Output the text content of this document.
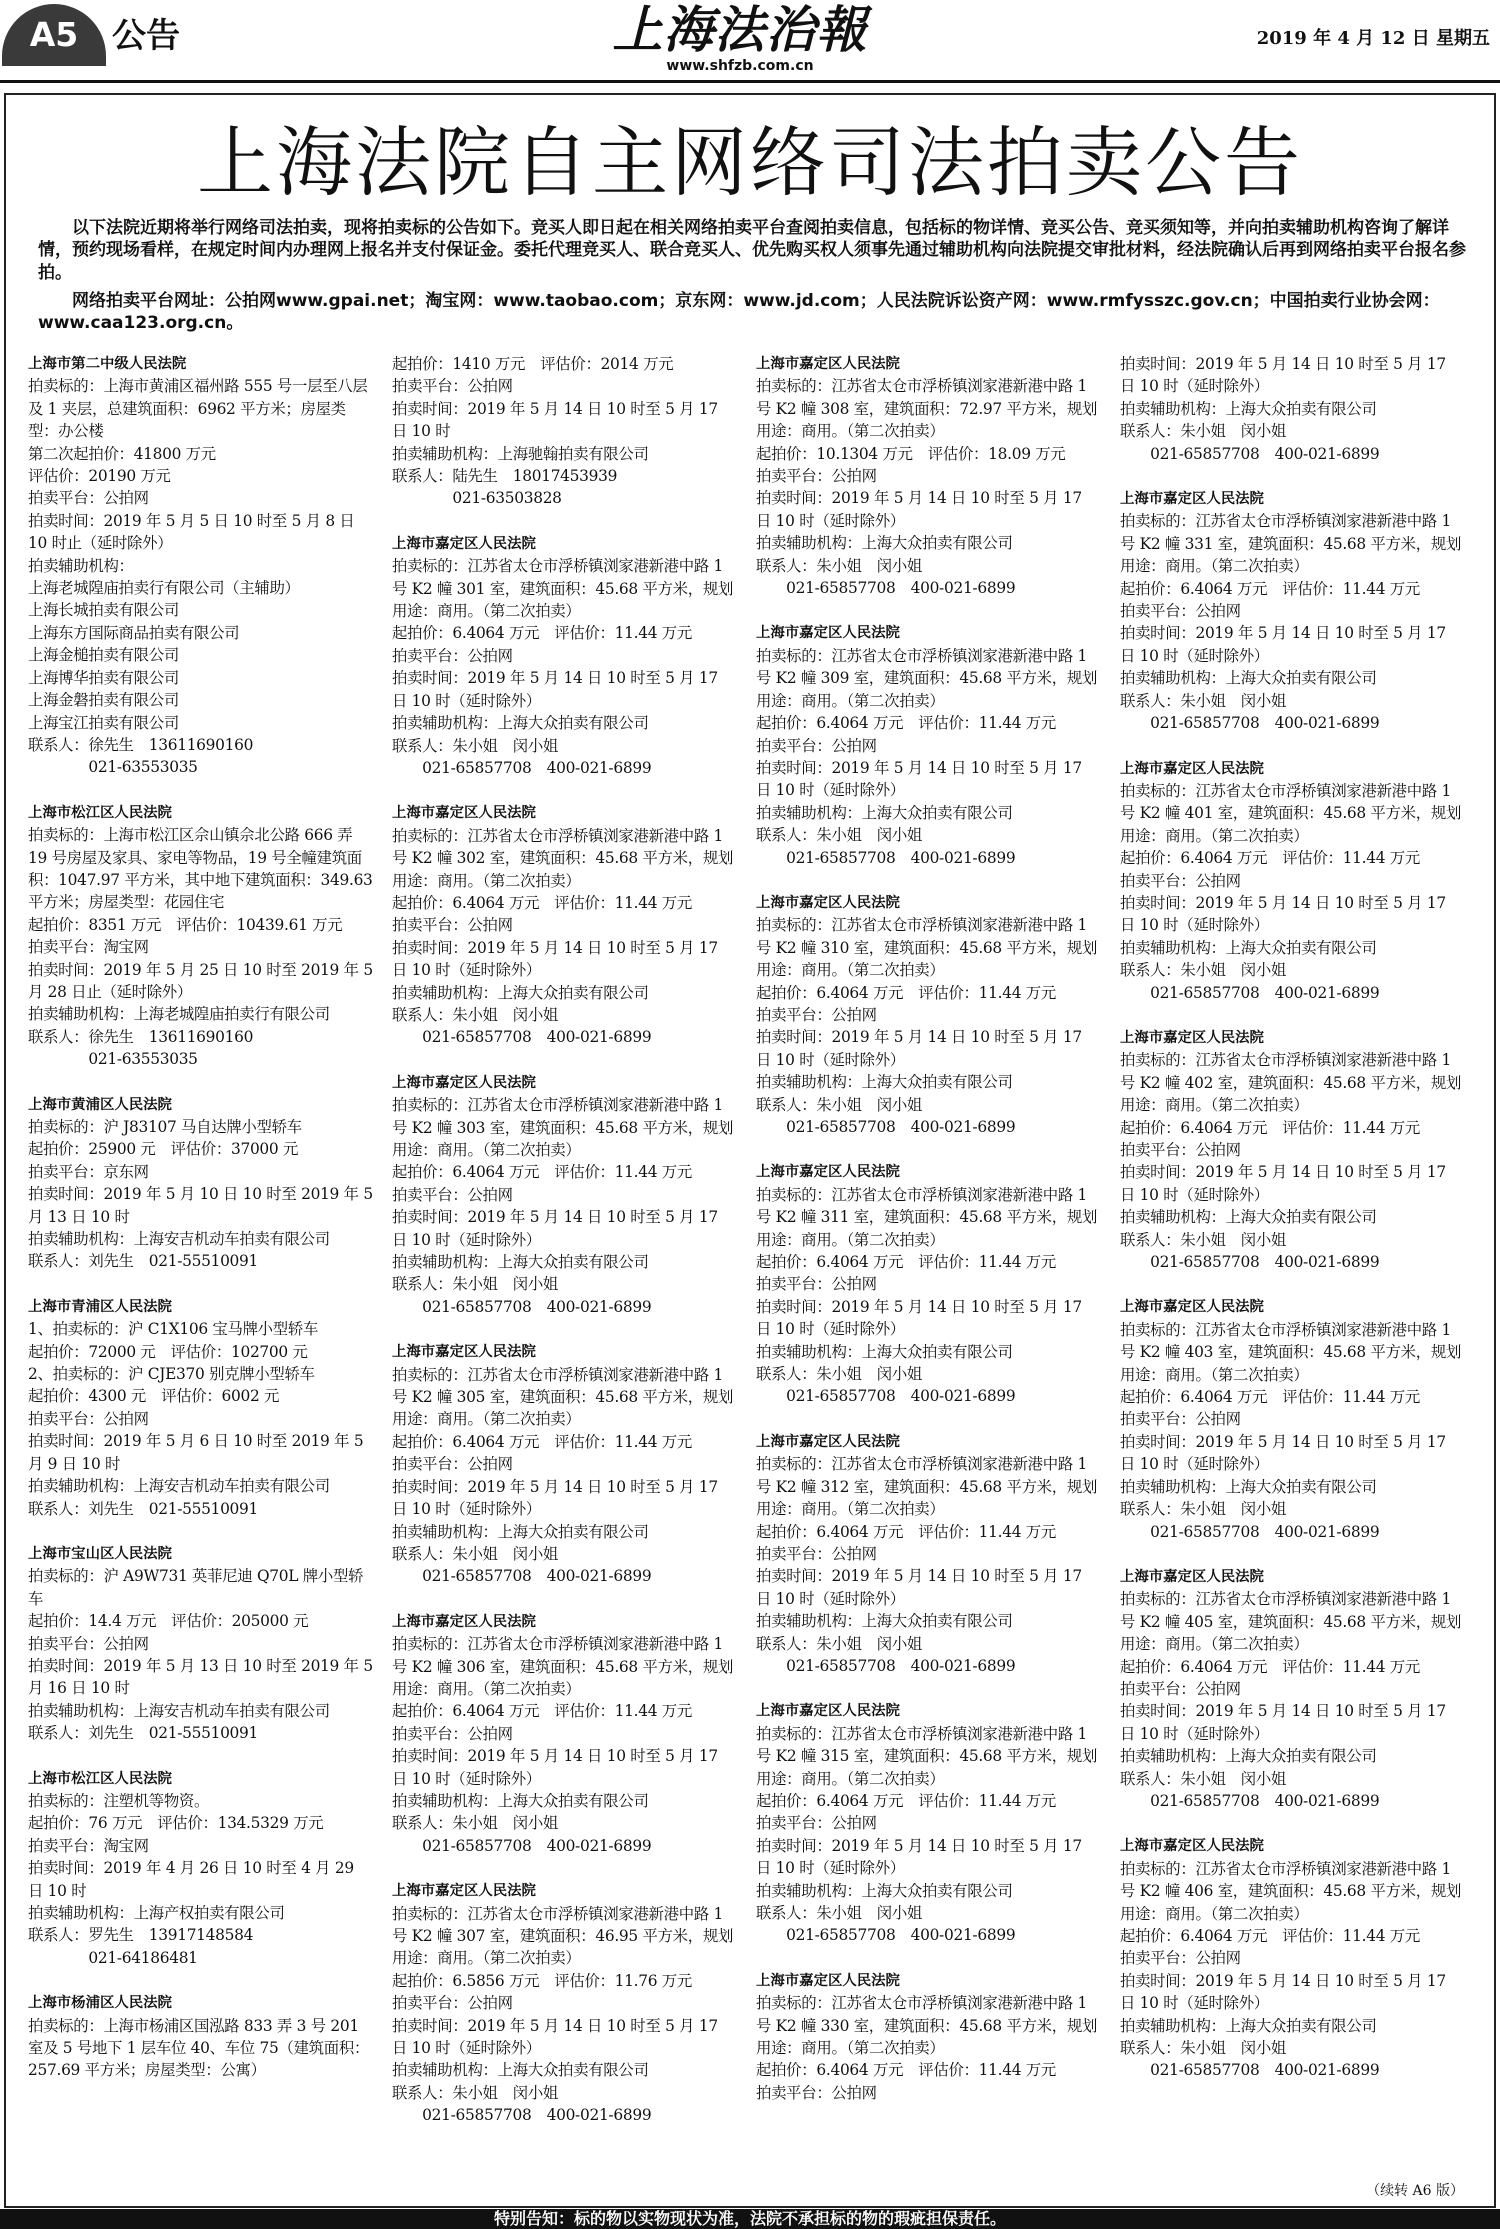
A5 公告	上海法治報
www.shfzb.com.cn
2019 年 4 月 12 日 星期五
上海法院自主网络司法拍卖公告

以下法院近期将举行网络司法拍卖，现将拍卖标的公告如下。竞买人即日起在相关网络拍卖平台查阅拍卖信息，包括标的物详情、竞买公告、竞买须知等，并向拍卖辅助机构咨询了解详情，预约现场看样，在规定时间内办理网上报名并支付保证金。委托代理竞买人、联合竞买人、优先购买权人须事先通过辅助机构向法院提交审批材料，经法院确认后再到网络拍卖平台报名参拍。

网络拍卖平台网址：公拍网www.gpai.net；淘宝网：www.taobao.com；京东网：www.jd.com；人民法院诉讼资产网：www.rmfysszc.gov.cn；中国拍卖行业协会网：www.caa123.org.cn。

上海市第二中级人民法院
拍卖标的：上海市黄浦区福州路 555 号一层至八层及 1 夹层，总建筑面积：6962 平方米；房屋类型：办公楼
第二次起拍价：41800 万元
评估价：20190 万元
拍卖平台：公拍网
拍卖时间：2019 年 5 月 5 日 10 时至 5 月 8 日 10 时止（延时除外）
拍卖辅助机构：
上海老城隍庙拍卖行有限公司（主辅助）
上海长城拍卖有限公司
上海东方国际商品拍卖有限公司
上海金槌拍卖有限公司
上海博华拍卖有限公司
上海金磐拍卖有限公司
上海宝江拍卖有限公司
联系人：徐先生　13611690160
　　　　021-63553035
上海市松江区人民法院
拍卖标的：上海市松江区佘山镇佘北公路 666 弄 19 号房屋及家具、家电等物品，19 号全幢建筑面积：1047.97 平方米，其中地下建筑面积：349.63 平方米；房屋类型：花园住宅
起拍价：8351 万元　评估价：10439.61 万元
拍卖平台：淘宝网
拍卖时间：2019 年 5 月 25 日 10 时至 2019 年 5 月 28 日止（延时除外）
拍卖辅助机构：上海老城隍庙拍卖行有限公司
联系人：徐先生　13611690160
　　　　021-63553035
上海市黄浦区人民法院
拍卖标的：沪 J83107 马自达牌小型轿车
起拍价：25900 元　评估价：37000 元
拍卖平台：京东网
拍卖时间：2019 年 5 月 10 日 10 时至 2019 年 5 月 13 日 10 时
拍卖辅助机构：上海安吉机动车拍卖有限公司
联系人：刘先生　021-55510091
上海市青浦区人民法院
1、拍卖标的：沪 C1X106 宝马牌小型轿车
起拍价：72000 元　评估价：102700 元
2、拍卖标的：沪 CJE370 别克牌小型轿车
起拍价：4300 元　评估价：6002 元
拍卖平台：公拍网
拍卖时间：2019 年 5 月 6 日 10 时至 2019 年 5 月 9 日 10 时
拍卖辅助机构：上海安吉机动车拍卖有限公司
联系人：刘先生　021-55510091
上海市宝山区人民法院
拍卖标的：沪 A9W731 英菲尼迪 Q70L 牌小型轿车
起拍价：14.4 万元　评估价：205000 元
拍卖平台：公拍网
拍卖时间：2019 年 5 月 13 日 10 时至 2019 年 5 月 16 日 10 时
拍卖辅助机构：上海安吉机动车拍卖有限公司
联系人：刘先生　021-55510091
上海市松江区人民法院
拍卖标的：注塑机等物资。
起拍价：76 万元　评估价：134.5329 万元
拍卖平台：淘宝网
拍卖时间：2019 年 4 月 26 日 10 时至 4 月 29 日 10 时
拍卖辅助机构：上海产权拍卖有限公司
联系人：罗先生　13917148584
　　　　021-64186481
上海市杨浦区人民法院
拍卖标的：上海市杨浦区国泓路 833 弄 3 号 201 室及 5 号地下 1 层车位 40、车位 75（建筑面积：257.69 平方米；房屋类型：公寓）
起拍价：1410 万元　评估价：2014 万元
拍卖平台：公拍网
拍卖时间：2019 年 5 月 14 日 10 时至 5 月 17 日 10 时
拍卖辅助机构：上海驰翰拍卖有限公司
联系人：陆先生　18017453939
　　　　021-63503828
上海市嘉定区人民法院
拍卖标的：江苏省太仓市浮桥镇浏家港新港中路 1 号 K2 幢 301 室，建筑面积：45.68 平方米，规划用途：商用。（第二次拍卖）
起拍价：6.4064 万元　评估价：11.44 万元
拍卖平台：公拍网
拍卖时间：2019 年 5 月 14 日 10 时至 5 月 17 日 10 时（延时除外）
拍卖辅助机构：上海大众拍卖有限公司
联系人：朱小姐　闵小姐
　　021-65857708　400-021-6899
上海市嘉定区人民法院
拍卖标的：江苏省太仓市浮桥镇浏家港新港中路 1 号 K2 幢 302 室，建筑面积：45.68 平方米，规划用途：商用。（第二次拍卖）
起拍价：6.4064 万元　评估价：11.44 万元
拍卖平台：公拍网
拍卖时间：2019 年 5 月 14 日 10 时至 5 月 17 日 10 时（延时除外）
拍卖辅助机构：上海大众拍卖有限公司
联系人：朱小姐　闵小姐
　　021-65857708　400-021-6899
上海市嘉定区人民法院
拍卖标的：江苏省太仓市浮桥镇浏家港新港中路 1 号 K2 幢 303 室，建筑面积：45.68 平方米，规划用途：商用。（第二次拍卖）
起拍价：6.4064 万元　评估价：11.44 万元
拍卖平台：公拍网
拍卖时间：2019 年 5 月 14 日 10 时至 5 月 17 日 10 时（延时除外）
拍卖辅助机构：上海大众拍卖有限公司
联系人：朱小姐　闵小姐
　　021-65857708　400-021-6899
上海市嘉定区人民法院
拍卖标的：江苏省太仓市浮桥镇浏家港新港中路 1 号 K2 幢 305 室，建筑面积：45.68 平方米，规划用途：商用。（第二次拍卖）
起拍价：6.4064 万元　评估价：11.44 万元
拍卖平台：公拍网
拍卖时间：2019 年 5 月 14 日 10 时至 5 月 17 日 10 时（延时除外）
拍卖辅助机构：上海大众拍卖有限公司
联系人：朱小姐　闵小姐
　　021-65857708　400-021-6899
上海市嘉定区人民法院
拍卖标的：江苏省太仓市浮桥镇浏家港新港中路 1 号 K2 幢 306 室，建筑面积：45.68 平方米，规划用途：商用。（第二次拍卖）
起拍价：6.4064 万元　评估价：11.44 万元
拍卖平台：公拍网
拍卖时间：2019 年 5 月 14 日 10 时至 5 月 17 日 10 时（延时除外）
拍卖辅助机构：上海大众拍卖有限公司
联系人：朱小姐　闵小姐
　　021-65857708　400-021-6899
上海市嘉定区人民法院
拍卖标的：江苏省太仓市浮桥镇浏家港新港中路 1 号 K2 幢 307 室，建筑面积：46.95 平方米，规划用途：商用。（第二次拍卖）
起拍价：6.5856 万元　评估价：11.76 万元
拍卖平台：公拍网
拍卖时间：2019 年 5 月 14 日 10 时至 5 月 17 日 10 时（延时除外）
拍卖辅助机构：上海大众拍卖有限公司
联系人：朱小姐　闵小姐
　　021-65857708　400-021-6899
上海市嘉定区人民法院
拍卖标的：江苏省太仓市浮桥镇浏家港新港中路 1 号 K2 幢 308 室，建筑面积：72.97 平方米，规划用途：商用。（第二次拍卖）
起拍价：10.1304 万元　评估价：18.09 万元
拍卖平台：公拍网
拍卖时间：2019 年 5 月 14 日 10 时至 5 月 17 日 10 时（延时除外）
拍卖辅助机构：上海大众拍卖有限公司
联系人：朱小姐　闵小姐
　　021-65857708　400-021-6899
上海市嘉定区人民法院
拍卖标的：江苏省太仓市浮桥镇浏家港新港中路 1 号 K2 幢 309 室，建筑面积：45.68 平方米，规划用途：商用。（第二次拍卖）
起拍价：6.4064 万元　评估价：11.44 万元
拍卖平台：公拍网
拍卖时间：2019 年 5 月 14 日 10 时至 5 月 17 日 10 时（延时除外）
拍卖辅助机构：上海大众拍卖有限公司
联系人：朱小姐　闵小姐
　　021-65857708　400-021-6899
上海市嘉定区人民法院
拍卖标的：江苏省太仓市浮桥镇浏家港新港中路 1 号 K2 幢 310 室，建筑面积：45.68 平方米，规划用途：商用。（第二次拍卖）
起拍价：6.4064 万元　评估价：11.44 万元
拍卖平台：公拍网
拍卖时间：2019 年 5 月 14 日 10 时至 5 月 17 日 10 时（延时除外）
拍卖辅助机构：上海大众拍卖有限公司
联系人：朱小姐　闵小姐
　　021-65857708　400-021-6899
上海市嘉定区人民法院
拍卖标的：江苏省太仓市浮桥镇浏家港新港中路 1 号 K2 幢 311 室，建筑面积：45.68 平方米，规划用途：商用。（第二次拍卖）
起拍价：6.4064 万元　评估价：11.44 万元
拍卖平台：公拍网
拍卖时间：2019 年 5 月 14 日 10 时至 5 月 17 日 10 时（延时除外）
拍卖辅助机构：上海大众拍卖有限公司
联系人：朱小姐　闵小姐
　　021-65857708　400-021-6899
上海市嘉定区人民法院
拍卖标的：江苏省太仓市浮桥镇浏家港新港中路 1 号 K2 幢 312 室，建筑面积：45.68 平方米，规划用途：商用。（第二次拍卖）
起拍价：6.4064 万元　评估价：11.44 万元
拍卖平台：公拍网
拍卖时间：2019 年 5 月 14 日 10 时至 5 月 17 日 10 时（延时除外）
拍卖辅助机构：上海大众拍卖有限公司
联系人：朱小姐　闵小姐
　　021-65857708　400-021-6899
上海市嘉定区人民法院
拍卖标的：江苏省太仓市浮桥镇浏家港新港中路 1 号 K2 幢 315 室，建筑面积：45.68 平方米，规划用途：商用。（第二次拍卖）
起拍价：6.4064 万元　评估价：11.44 万元
拍卖平台：公拍网
拍卖时间：2019 年 5 月 14 日 10 时至 5 月 17 日 10 时（延时除外）
拍卖辅助机构：上海大众拍卖有限公司
联系人：朱小姐　闵小姐
　　021-65857708　400-021-6899
上海市嘉定区人民法院
拍卖标的：江苏省太仓市浮桥镇浏家港新港中路 1 号 K2 幢 330 室，建筑面积：45.68 平方米，规划用途：商用。（第二次拍卖）
起拍价：6.4064 万元　评估价：11.44 万元
拍卖平台：公拍网
拍卖时间：2019 年 5 月 14 日 10 时至 5 月 17 日 10 时（延时除外）
拍卖辅助机构：上海大众拍卖有限公司
联系人：朱小姐　闵小姐
　　021-65857708　400-021-6899
上海市嘉定区人民法院
拍卖标的：江苏省太仓市浮桥镇浏家港新港中路 1 号 K2 幢 331 室，建筑面积：45.68 平方米，规划用途：商用。（第二次拍卖）
起拍价：6.4064 万元　评估价：11.44 万元
拍卖平台：公拍网
拍卖时间：2019 年 5 月 14 日 10 时至 5 月 17 日 10 时（延时除外）
拍卖辅助机构：上海大众拍卖有限公司
联系人：朱小姐　闵小姐
　　021-65857708　400-021-6899
上海市嘉定区人民法院
拍卖标的：江苏省太仓市浮桥镇浏家港新港中路 1 号 K2 幢 401 室，建筑面积：45.68 平方米，规划用途：商用。（第二次拍卖）
起拍价：6.4064 万元　评估价：11.44 万元
拍卖平台：公拍网
拍卖时间：2019 年 5 月 14 日 10 时至 5 月 17 日 10 时（延时除外）
拍卖辅助机构：上海大众拍卖有限公司
联系人：朱小姐　闵小姐
　　021-65857708　400-021-6899
上海市嘉定区人民法院
拍卖标的：江苏省太仓市浮桥镇浏家港新港中路 1 号 K2 幢 402 室，建筑面积：45.68 平方米，规划用途：商用。（第二次拍卖）
起拍价：6.4064 万元　评估价：11.44 万元
拍卖平台：公拍网
拍卖时间：2019 年 5 月 14 日 10 时至 5 月 17 日 10 时（延时除外）
拍卖辅助机构：上海大众拍卖有限公司
联系人：朱小姐　闵小姐
　　021-65857708　400-021-6899
上海市嘉定区人民法院
拍卖标的：江苏省太仓市浮桥镇浏家港新港中路 1 号 K2 幢 403 室，建筑面积：45.68 平方米，规划用途：商用。（第二次拍卖）
起拍价：6.4064 万元　评估价：11.44 万元
拍卖平台：公拍网
拍卖时间：2019 年 5 月 14 日 10 时至 5 月 17 日 10 时（延时除外）
拍卖辅助机构：上海大众拍卖有限公司
联系人：朱小姐　闵小姐
　　021-65857708　400-021-6899
上海市嘉定区人民法院
拍卖标的：江苏省太仓市浮桥镇浏家港新港中路 1 号 K2 幢 405 室，建筑面积：45.68 平方米，规划用途：商用。（第二次拍卖）
起拍价：6.4064 万元　评估价：11.44 万元
拍卖平台：公拍网
拍卖时间：2019 年 5 月 14 日 10 时至 5 月 17 日 10 时（延时除外）
拍卖辅助机构：上海大众拍卖有限公司
联系人：朱小姐　闵小姐
　　021-65857708　400-021-6899
上海市嘉定区人民法院
拍卖标的：江苏省太仓市浮桥镇浏家港新港中路 1 号 K2 幢 406 室，建筑面积：45.68 平方米，规划用途：商用。（第二次拍卖）
起拍价：6.4064 万元　评估价：11.44 万元
拍卖平台：公拍网
拍卖时间：2019 年 5 月 14 日 10 时至 5 月 17 日 10 时（延时除外）
拍卖辅助机构：上海大众拍卖有限公司
联系人：朱小姐　闵小姐
　　021-65857708　400-021-6899
（续转 A6 版）
特别告知：标的物以实物现状为准，法院不承担标的物的瑕疵担保责任。
